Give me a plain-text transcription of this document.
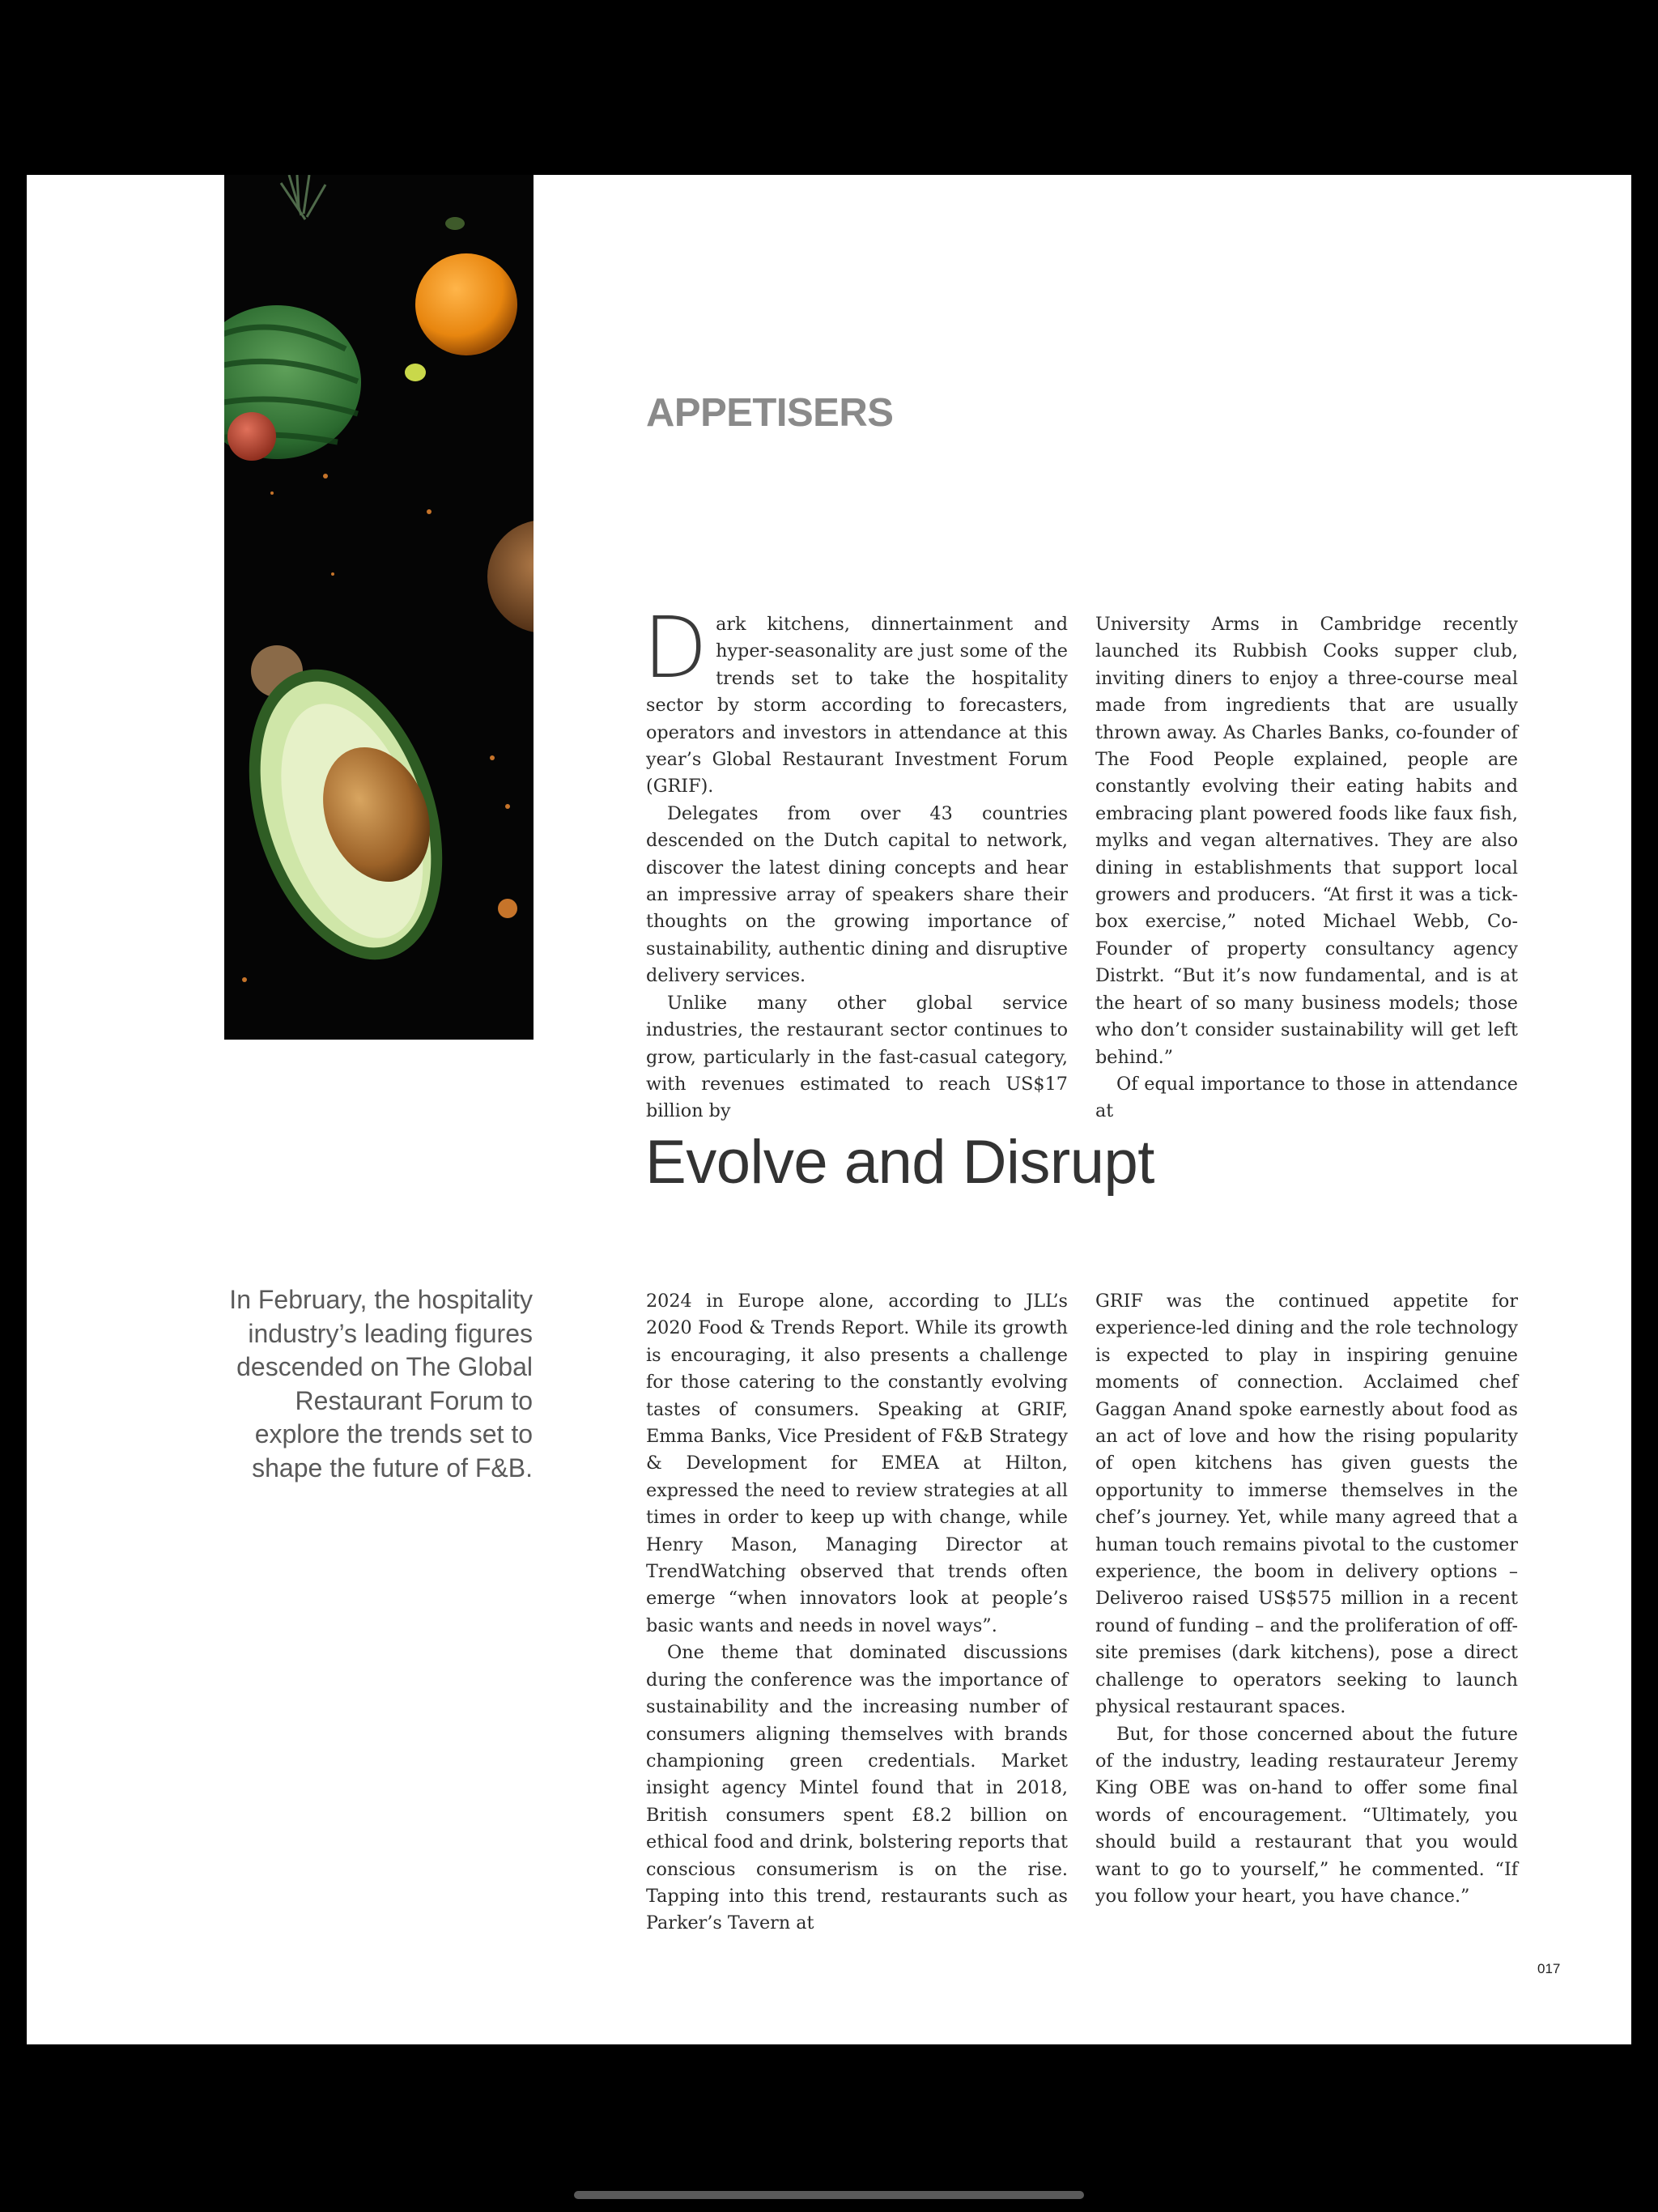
APPETISERS

Dark kitchens, dinnertainment and hyper-seasonality are just some of the trends set to take the hospitality sector by storm according to forecasters, operators and investors in attendance at this year’s Global Restaurant Investment Forum (GRIF).

Delegates from over 43 countries descended on the Dutch capital to network, discover the latest dining concepts and hear an impressive array of speakers share their thoughts on the growing importance of sustainability, authentic dining and disruptive delivery services.

Unlike many other global service industries, the restaurant sector continues to grow, particularly in the fast-casual category, with revenues estimated to reach US$17 billion by

University Arms in Cambridge recently launched its Rubbish Cooks supper club, inviting diners to enjoy a three-course meal made from ingredients that are usually thrown away. As Charles Banks, co-founder of The Food People explained, people are constantly evolving their eating habits and embracing plant powered foods like faux fish, mylks and vegan alternatives. They are also dining in establishments that support local growers and producers. “At first it was a tick-box exercise,” noted Michael Webb, Co-Founder of property consultancy agency Distrkt. “But it’s now fundamental, and is at the heart of so many business models; those who don’t consider sustainability will get left behind.”

Of equal importance to those in attendance at

Evolve and Disrupt
In February, the hospitality industry’s leading figures descended on The Global Restaurant Forum to explore the trends set to shape the future of F&B.

2024 in Europe alone, according to JLL’s 2020 Food & Trends Report. While its growth is encouraging, it also presents a challenge for those catering to the constantly evolving tastes of consumers. Speaking at GRIF, Emma Banks, Vice President of F&B Strategy & Development for EMEA at Hilton, expressed the need to review strategies at all times in order to keep up with change, while Henry Mason, Managing Director at TrendWatching observed that trends often emerge “when innovators look at people’s basic wants and needs in novel ways”.

One theme that dominated discussions during the conference was the importance of sustainability and the increasing number of consumers aligning themselves with brands championing green credentials. Market insight agency Mintel found that in 2018, British consumers spent £8.2 billion on ethical food and drink, bolstering reports that conscious consumerism is on the rise. Tapping into this trend, restaurants such as Parker’s Tavern at

GRIF was the continued appetite for experience-led dining and the role technology is expected to play in inspiring genuine moments of connection. Acclaimed chef Gaggan Anand spoke earnestly about food as an act of love and how the rising popularity of open kitchens has given guests the opportunity to immerse themselves in the chef’s journey. Yet, while many agreed that a human touch remains pivotal to the customer experience, the boom in delivery options – Deliveroo raised US$575 million in a recent round of funding – and the proliferation of off-site premises (dark kitchens), pose a direct challenge to operators seeking to launch physical restaurant spaces.

But, for those concerned about the future of the industry, leading restaurateur Jeremy King OBE was on-hand to offer some final words of encouragement. “Ultimately, you should build a restaurant that you would want to go to yourself,” he commented. “If you follow your heart, you have chance.”

017
